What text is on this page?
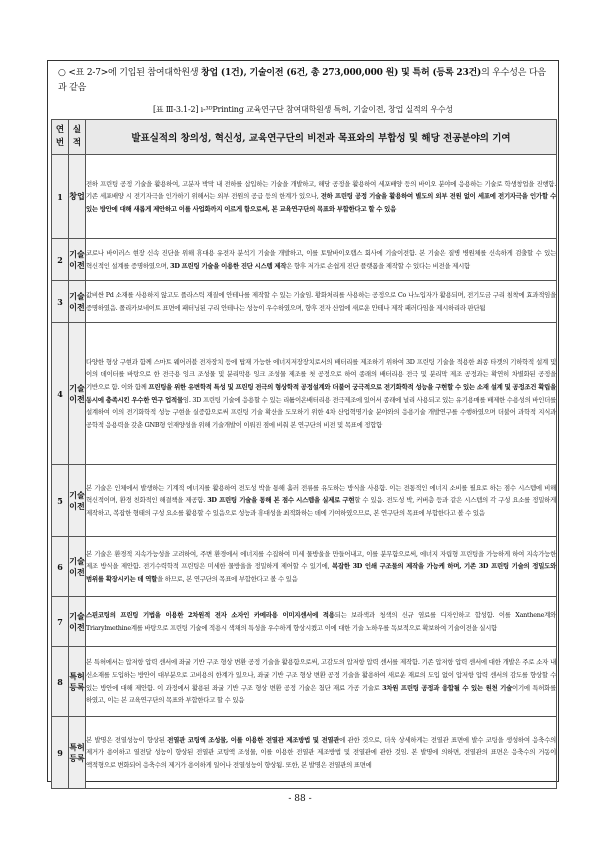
○ <표 2-7>에 기입된 참여대학원생 창업 (1건), 기술이전 (6건, 총 273,000,000 원) 및 특허 (등록 23건)의 우수성은 다음과 같음
[표 Ⅲ-3.1-2] ı-³ᴰPrinting 교육연구단 참여대학원생 특허, 기술이전, 창업 실적의 우수성
연번	실적	발표실적의 창의성, 혁신성, 교육연구단의 비전과 목표와의 부합성 및 해당 전공분야의 기여
1	창업	전하 프린팅 공정 기술을 활용하여, 고분자 박막 내 전하를 삽입하는 기술을 개발하고, 해당 공정을 활용하여 세포배양 등의 바이오 분야에 응용하는 기술로 학생창업을 진행함. 기존 세포배양 시 전기자극을 인가하기 위해서는 외부 전원의 공급 등의 한계가 있으나, 전하 프린팅 공정 기술을 활용하여 별도의 외부 전원 없이 세포에 전기자극을 인가할 수 있는 방안에 대해 새롭게 제안하고 이를 사업화까지 이르게 함으로써, 본 교육연구단의 목표와 부합한다고 할 수 있음
2	기술 이전	코로나 바이러스 현장 신속 진단을 위해 휴대용 유전자 분석기 기술을 개발하고, 이를 토탈바이오랩스 회사에 기술이전함. 본 기술은 질병 병원체를 신속하게 검출할 수 있는 혁신적인 설계를 증명하였으며, 3D 프린팅 기술을 이용한 진단 시스템 제작은 향후 저가로 손쉽게 진단 플랫폼을 제작할 수 있다는 비전을 제시함
3	기술 이전	값비싼 Pd 소재를 사용하지 않고도 플라스틱 재질에 안테나를 제작할 수 있는 기술임. 황화처리를 사용하는 공정으로 Co 나노입자가 활용되며, 전기도금 구리 침착에 효과적임을 증명하였음. 폴리카보네이트 표면에 패터닝된 구리 안테나는 성능이 우수하였으며, 향후 전자 산업에 새로운 안테나 제작 패러다임을 제시하리라 판단됨
4	기술 이전	다양한 형상 구현과 함께 스마트 웨어러블 전자장치 등에 탑재 가능한 에너지저장장치로서의 배터리를 제조하기 위하여 3D 프린팅 기술을 적용한 최종 타겟의 기하학적 설계 및 이의 데이터를 바탕으로 한 전극용 잉크 조성물 및 분리막용 잉크 조성물 제조를 첫 공정으로 하여 종래의 배터리용 전극 및 분리막 제조 공정과는 확연히 차별화된 공정을 기반으로 함. 이와 함께 프린팅을 위한 유변학적 특성 및 프린팅 전극의 형상학적 공정설계와 더불어 궁극적으로 전기화학적 성능을 구현할 수 있는 소재 설계 및 공정조건 확립을 동시에 충족시킨 우수한 연구 업적물임. 3D 프린팅 기술에 응용할 수 있는 리튬이온배터리용 전극제조에 있어서 종래에 널리 사용되고 있는 유기용매를 배제한 수용성의 바인더를 설계하여 이의 전기화학적 성능 구현을 실증함으로써 프린팅 기술 확산을 도모하기 위한 4차 산업혁명기술 분야와의 응용기술 개발연구를 수행하였으며 더불어 과학적 지식과 공학적 응용력을 갖춘 GNB형 인재양성을 위해 기술개발이 이뤄진 점에 비춰 본 연구단의 비전 및 목표에 정합함
5	기술 이전	본 기술은 인체에서 발생하는 기계적 에너지를 활용하여 전도성 박을 통해 흘러 전류를 유도하는 방식을 사용함. 이는 전통적인 에너지 소비를 필요로 하는 점수 시스템에 비해 혁신적이며, 환경 친화적인 해결책을 제공함. 3D 프린팅 기술을 통해 본 점수 시스템을 실제로 구현할 수 있음. 전도성 박, 커버층 등과 같은 시스템의 각 구성 요소를 정밀하게 제작하고, 복잡한 형태의 구성 요소를 활용할 수 있음으로 성능과 휴대성을 최적화하는 데에 기여하였으므로, 본 연구단의 목표에 부합한다고 볼 수 있음
6	기술 이전	본 기술은 환경적 지속가능성을 고려하여, 주변 환경에서 에너지를 수집하여 미세 물방울을 만들어내고, 이를 분무함으로써, 에너지 자립형 프린팅을 가능하게 하여 지속가능한 제조 방식을 제안함. 전기수력학적 프린팅은 미세한 물방울을 정밀하게 제어할 수 있기에, 복잡한 3D 인쇄 구조물의 제작을 가능케 하며, 기존 3D 프린팅 기술의 정밀도와 범위를 확장시키는 데 역할을 하므로, 본 연구단의 목표에 부합한다고 볼 수 있음
7	기술 이전	스핀코팅의 프린팅 기법을 이용한 2차원적 전자 소자인 카메라용 이미지센서에 적용되는 보라색과 청색의 신규 염료를 디자인하고 합성함. 이를 Xanthene계와 Triarylmethine계를 바탕으로 프린팅 기술에 적용시 색채의 특성을 우수하게 향상시켰고 이에 대한 기술 노하우를 독보적으로 확보하여 기술이전을 실시함
8	특허 등록	본 특허에서는 압저항 압력 센서에 좌굴 기반 구조 형상 변환 공정 기술을 활용함으로써, 고감도의 압저항 압력 센서를 제작함. 기존 압저항 압력 센서에 대한 개발은 주로 소자 내 신소재를 도입하는 방안이 대부분으로 고비용의 한계가 있으나, 좌굴 기반 구조 형상 변환 공정 기술을 활용하여 새로운 재료의 도입 없이 압저항 압력 센서의 감도를 향상할 수 있는 방안에 대해 제안함. 이 과정에서 활용된 좌굴 기반 구조 형상 변환 공정 기술은 첨단 재료 가공 기술로 3차원 프린팅 공정과 융합될 수 있는 원천 기술이기에 특허화를 하였고, 이는 본 교육연구단의 목표와 부합한다고 할 수 있음
9	특허 등록	본 발명은 전열성능이 향상된 전열관 코팅액 조성물, 이를 이용한 전열관 제조방법 및 전열관에 관한 것으로, 더욱 상세하게는 전열관 표면에 발수 코팅을 생성하여 응축수의 제거가 용이하고 열전달 성능이 향상된 전열관 코팅액 조성물, 이를 이용한 전열관 제조방법 및 전열관에 관한 것임. 본 발명에 의하면, 전열관의 표면은 응축수의 거동이 액적형으로 변화되어 응축수의 제거가 용이하게 일어나 전열성능이 향상됨. 또한, 본 발명은 전열관의 표면에
- 88 -
